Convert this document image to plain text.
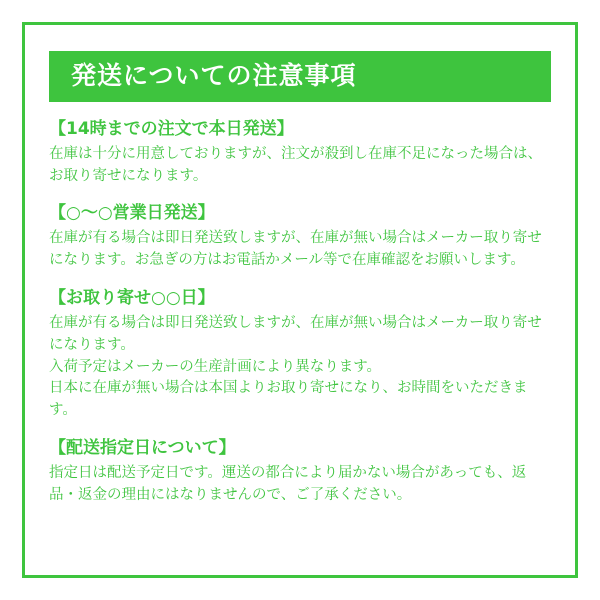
発送についての注意事項
【14時までの注文で本日発送】

在庫は十分に用意しておりますが、注文が殺到し在庫不足になった場合は、お取り寄せになります。

【○〜○営業日発送】

在庫が有る場合は即日発送致しますが、在庫が無い場合はメーカー取り寄せになります。お急ぎの方はお電話かメール等で在庫確認をお願いします。

【お取り寄せ○○日】

在庫が有る場合は即日発送致しますが、在庫が無い場合はメーカー取り寄せになります。

入荷予定はメーカーの生産計画により異なります。

日本に在庫が無い場合は本国よりお取り寄せになり、お時間をいただきます。

【配送指定日について】

指定日は配送予定日です。運送の都合により届かない場合があっても、返品・返金の理由にはなりませんので、ご了承ください。
